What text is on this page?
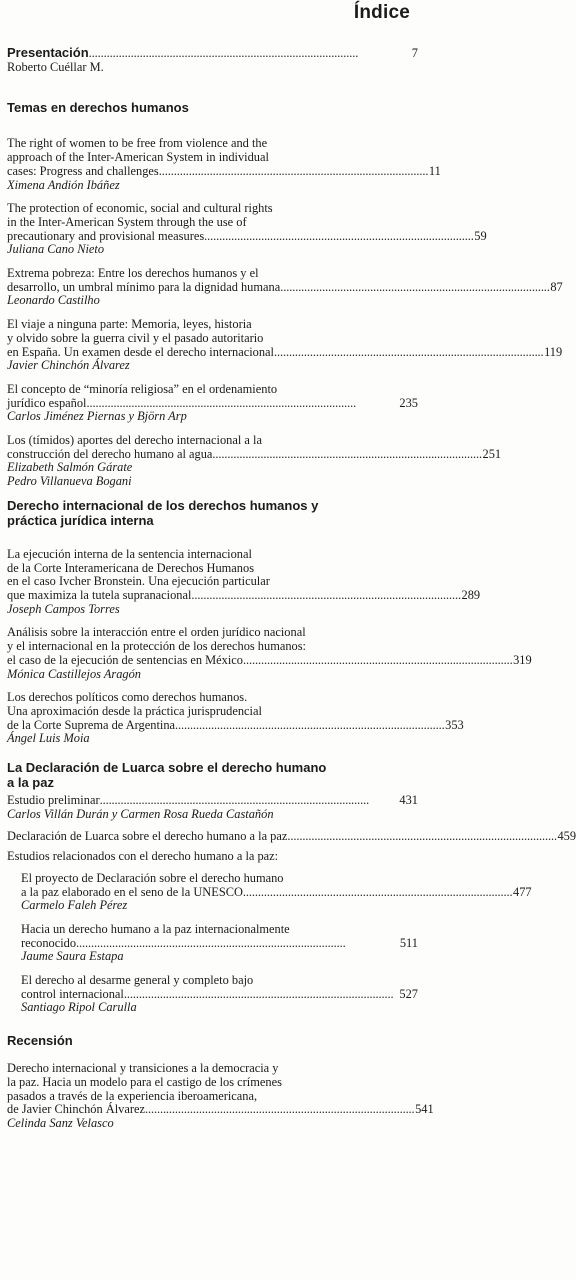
Índice
Presentación . . .	7
Roberto Cuéllar M.
Temas en derechos humanos
The right of women to be free from violence and the
approach of the Inter-American System in individual
cases: Progress and challenges . . .	11
Ximena Andión Ibáñez
The protection of economic, social and cultural rights
in the Inter-American System through the use of
precautionary and provisional measures . . .	59
Juliana Cano Nieto
Extrema pobreza: Entre los derechos humanos y el
desarrollo, un umbral mínimo para la dignidad humana . . .	87
Leonardo Castilho
El viaje a ninguna parte: Memoria, leyes, historia
y olvido sobre la guerra civil y el pasado autoritario
en España. Un examen desde el derecho internacional . . .	119
Javier Chinchón Álvarez
El concepto de “minoría religiosa” en el ordenamiento
jurídico español . . .	235
Carlos Jiménez Piernas y Björn Arp
Los (tímidos) aportes del derecho internacional a la
construcción del derecho humano al agua . . .	251
Elizabeth Salmón Gárate
Pedro Villanueva Bogani
Derecho internacional de los derechos humanos y
práctica jurídica interna
La ejecución interna de la sentencia internacional
de la Corte Interamericana de Derechos Humanos
en el caso Ivcher Bronstein. Una ejecución particular
que maximiza la tutela supranacional . . .	289
Joseph Campos Torres
Análisis sobre la interacción entre el orden jurídico nacional
y el internacional en la protección de los derechos humanos:
el caso de la ejecución de sentencias en México . . .	319
Mónica Castillejos Aragón
Los derechos políticos como derechos humanos.
Una aproximación desde la práctica jurisprudencial
de la Corte Suprema de Argentina . . .	353
Ángel Luis Moia
La Declaración de Luarca sobre el derecho humano
a la paz
Estudio preliminar . . .	431
Carlos Villán Durán y Carmen Rosa Rueda Castañón
Declaración de Luarca sobre el derecho humano a la paz . . .	459
Estudios relacionados con el derecho humano a la paz:
El proyecto de Declaración sobre el derecho humano
a la paz elaborado en el seno de la UNESCO . . .	477
Carmelo Faleh Pérez
Hacia un derecho humano a la paz internacionalmente
reconocido . . .	511
Jaume Saura Estapa
El derecho al desarme general y completo bajo
control internacional . . .	527
Santiago Ripol Carulla
Recensión
Derecho internacional y transiciones a la democracia y
la paz. Hacia un modelo para el castigo de los crímenes
pasados a través de la experiencia iberoamericana,
de Javier Chinchón Álvarez . . .	541
Celinda Sanz Velasco
